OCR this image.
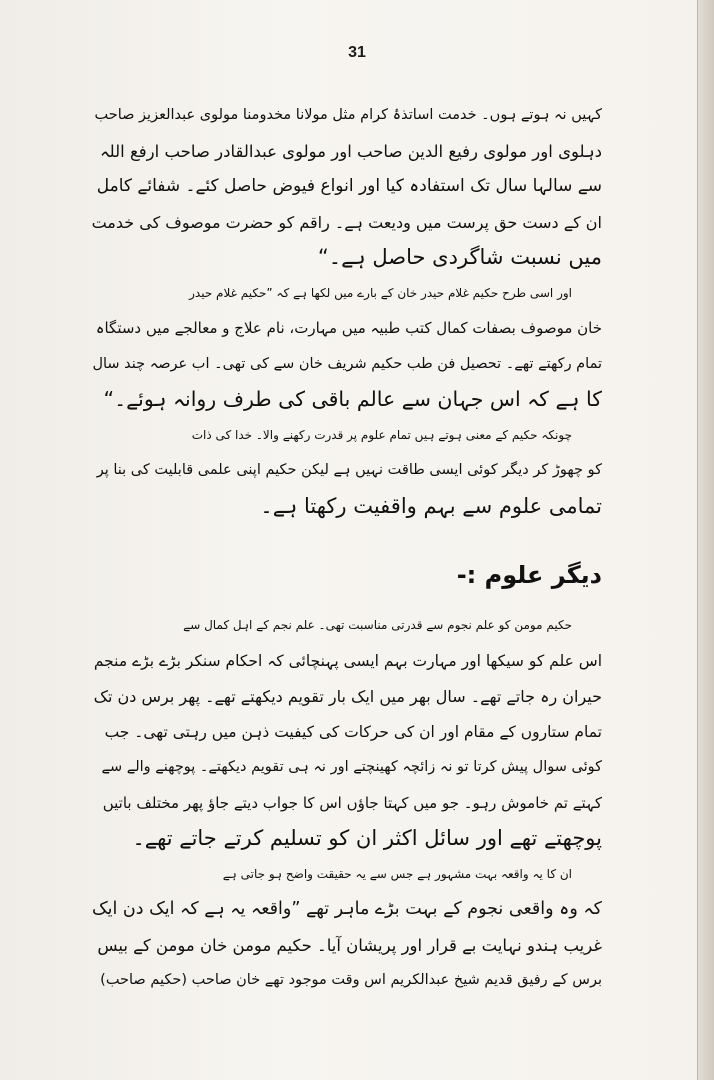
31

کہیں نہ ہوتے ہوں۔ خدمت اساتذۂ کرام مثل مولانا مخدومنا مولوی عبدالعزیز صاحب
دہلوی اور مولوی رفیع الدین صاحب اور مولوی عبدالقادر صاحب ارفع اللہ
سے سالہا سال تک استفادہ کیا اور انواع فیوض حاصل کئے۔ شفائے کامل
ان کے دست حق پرست میں ودیعت ہے۔ راقم کو حضرت موصوف کی خدمت
میں نسبت شاگردی حاصل ہے۔“

اور اسی طرح حکیم غلام حیدر خان کے بارے میں لکھا ہے کہ ”حکیم غلام حیدر
خان موصوف بصفات کمال کتب طبیہ میں مہارت، نام علاج و معالجے میں دستگاہ
تمام رکھتے تھے۔ تحصیل فن طب حکیم شریف خان سے کی تھی۔ اب عرصہ چند سال
کا ہے کہ اس جہان سے عالم باقی کی طرف روانہ ہوئے۔“

چونکہ حکیم کے معنی ہوتے ہیں تمام علوم پر قدرت رکھنے والا۔ خدا کی ذات
کو چھوڑ کر دیگر کوئی ایسی طاقت نہیں ہے لیکن حکیم اپنی علمی قابلیت کی بنا پر
تمامی علوم سے بہم واقفیت رکھتا ہے۔

دیگر علوم :-

حکیم مومن کو علم نجوم سے قدرتی مناسبت تھی۔ علم نجم کے اہل کمال سے
اس علم کو سیکھا اور مہارت بہم ایسی پہنچائی کہ احکام سنکر بڑے بڑے منجم
حیران رہ جاتے تھے۔ سال بھر میں ایک بار تقویم دیکھتے تھے۔ پھر برس دن تک
تمام ستاروں کے مقام اور ان کی حرکات کی کیفیت ذہن میں رہتی تھی۔ جب
کوئی سوال پیش کرتا تو نہ زائچہ کھینچتے اور نہ ہی تقویم دیکھتے۔ پوچھنے والے سے
کہتے تم خاموش رہو۔ جو میں کہتا جاؤں اس کا جواب دیتے جاؤ پھر مختلف باتیں
پوچھتے تھے اور سائل اکثر ان کو تسلیم کرتے جاتے تھے۔

ان کا یہ واقعہ بہت مشہور ہے جس سے یہ حقیقت واضح ہو جاتی ہے
کہ وہ واقعی نجوم کے بہت بڑے ماہر تھے ”واقعہ یہ ہے کہ ایک دن ایک
غریب ہندو نہایت بے قرار اور پریشان آیا۔ حکیم مومن خان مومن کے بیس
برس کے رفیق قدیم شیخ عبدالکریم اس وقت موجود تھے خان صاحب (حکیم صاحب)
